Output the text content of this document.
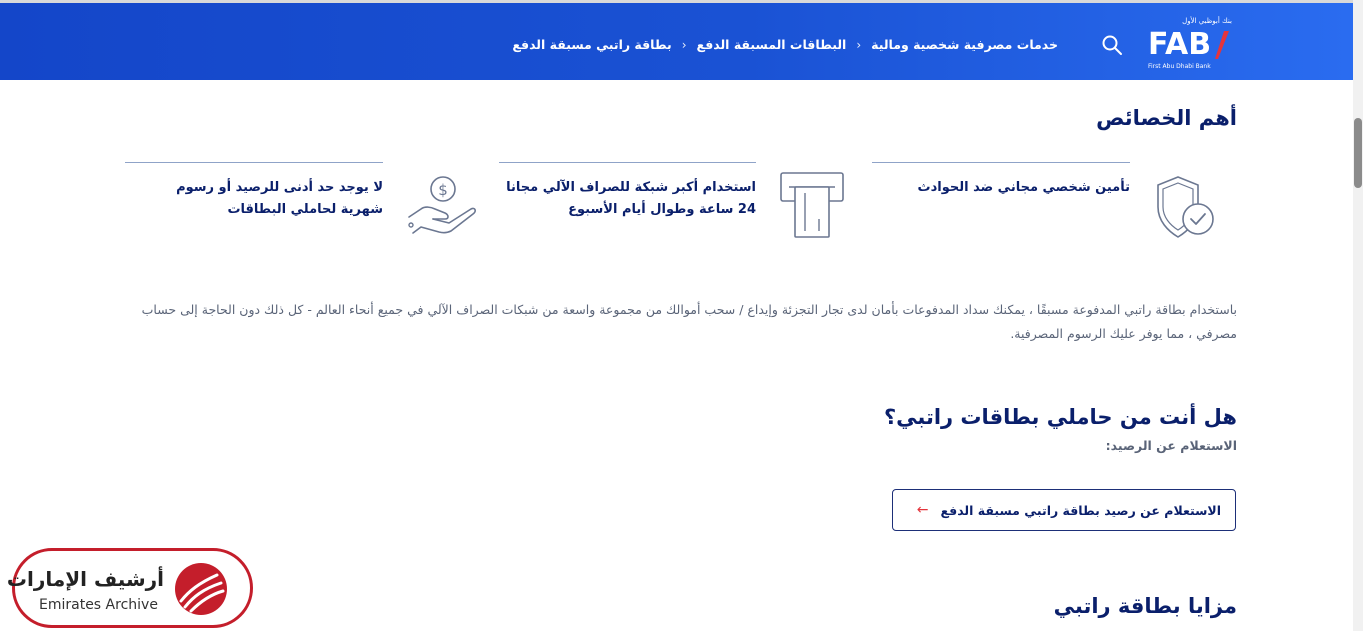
بنك أبوظبي الأول
FAB
First Abu Dhabi Bank
خدمات مصرفية شخصية ومالية
‹
البطاقات المسبقة الدفع
‹
بطاقة راتبي مسبقة الدفع
أهم الخصائص
تأمين شخصي مجاني ضد الحوادث
استخدام أكبر شبكة للصراف الآلي مجانا 24 ساعة وطوال أيام الأسبوع
لا يوجد حد أدنى للرصيد أو رسوم شهرية لحاملي البطاقات
$

باستخدام بطاقة راتبي المدفوعة مسبقًا ، يمكنك سداد المدفوعات بأمان لدى تجار التجزئة وإيداع / سحب أموالك من مجموعة واسعة من شبكات الصراف الآلي في جميع أنحاء العالم - كل ذلك دون الحاجة إلى حساب مصرفي ، مما يوفر عليك الرسوم المصرفية.

هل أنت من حاملي بطاقات راتبي؟
الاستعلام عن الرصيد:
الاستعلام عن رصيد بطاقة راتبي مسبقة الدفع
←
مزايا بطاقة راتبي
أرشيف الإمارات
Emirates Archive
